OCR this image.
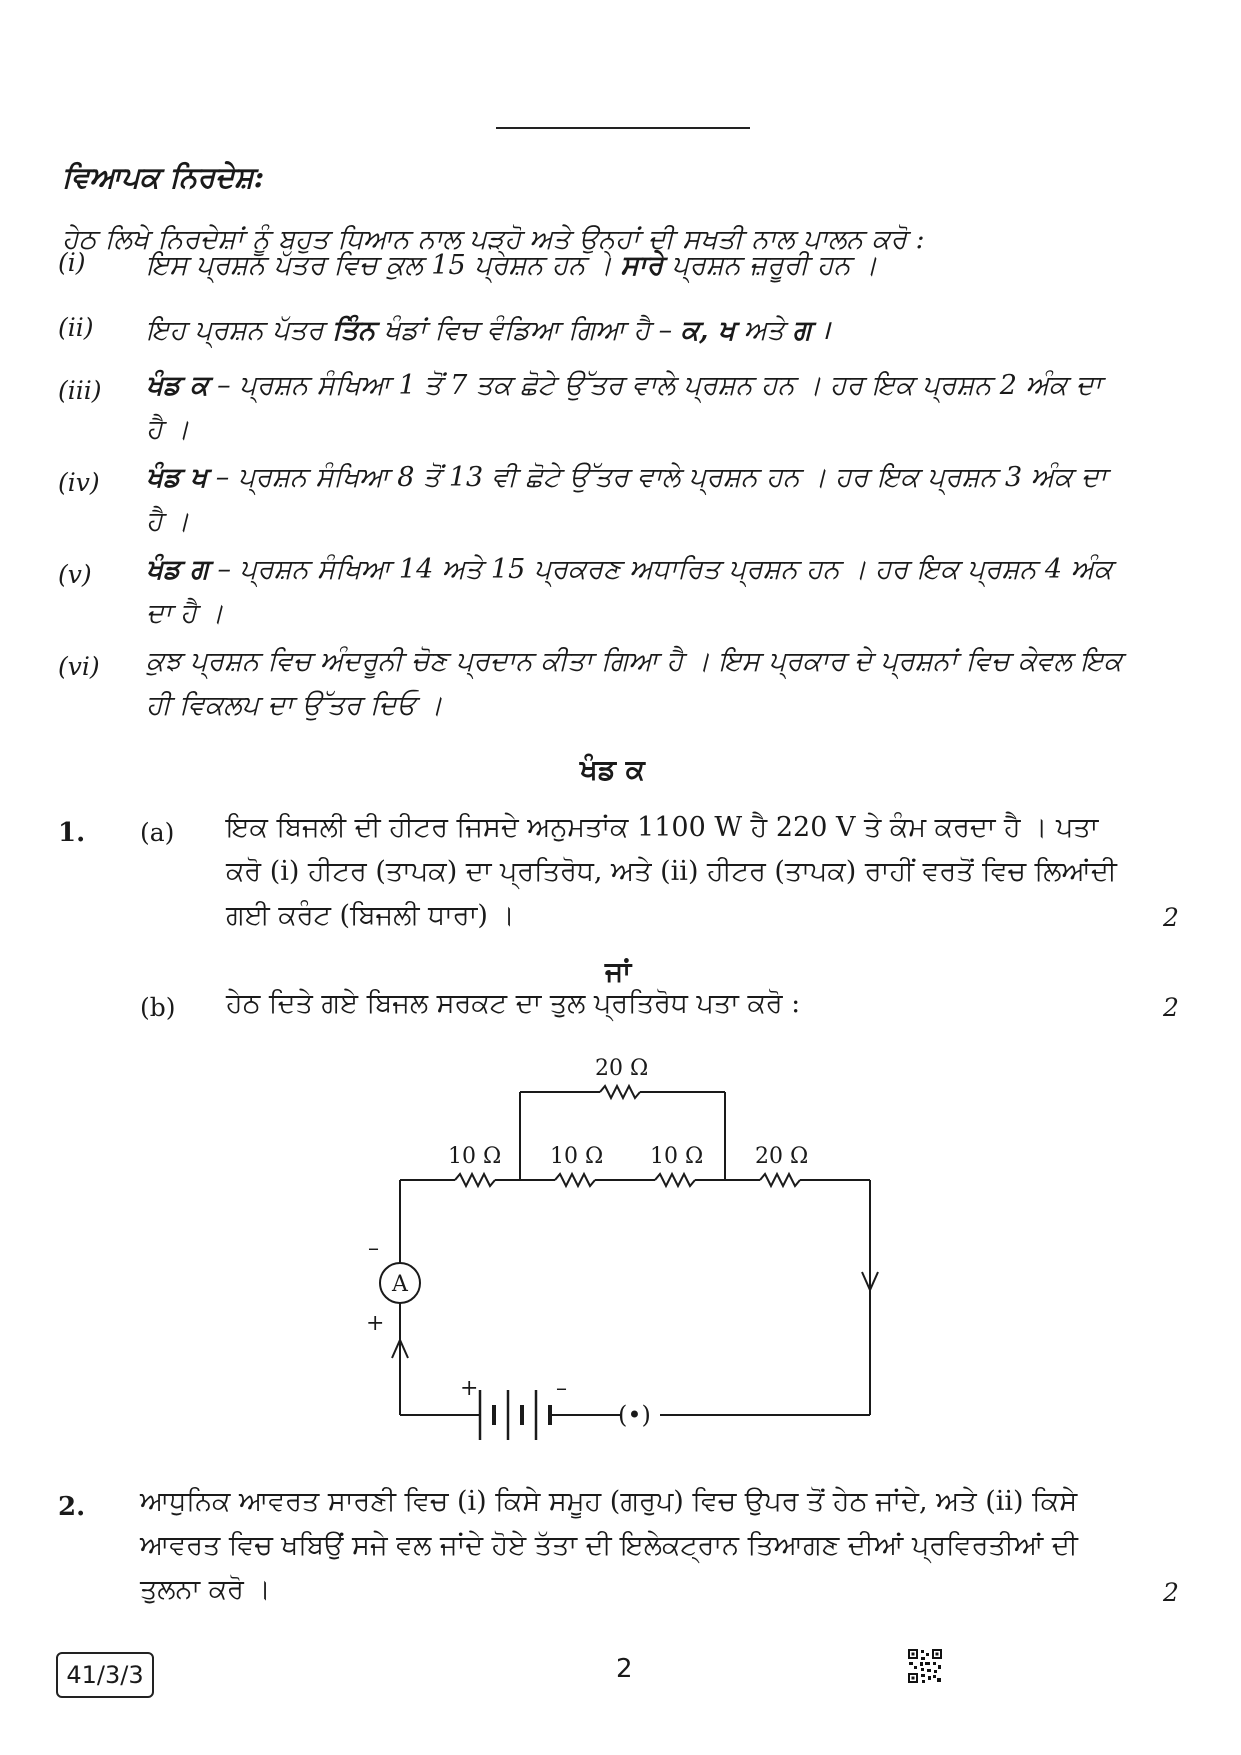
ਵਿਆਪਕ ਨਿਰਦੇਸ਼:
ਹੇਠ ਲਿਖੇ ਨਿਰਦੇਸ਼ਾਂ ਨੂੰ ਬਹੁਤ ਧਿਆਨ ਨਾਲ ਪੜ੍ਹੋ ਅਤੇ ਉਨ੍ਹਾਂ ਦੀ ਸਖਤੀ ਨਾਲ ਪਾਲਨ ਕਰੋ :
(i) ਇਸ ਪ੍ਰਸ਼ਨ ਪੱਤਰ ਵਿਚ ਕੁਲ 15 ਪ੍ਰਸ਼ਨ ਹਨ । ਸਾਰੇ ਪ੍ਰਸ਼ਨ ਜ਼ਰੂਰੀ ਹਨ ।
(ii) ਇਹ ਪ੍ਰਸ਼ਨ ਪੱਤਰ ਤਿੰਨ ਖੰਡਾਂ ਵਿਚ ਵੰਡਿਆ ਗਿਆ ਹੈ – ਕ, ਖ ਅਤੇ ਗ ।
(iii) ਖੰਡ ਕ – ਪ੍ਰਸ਼ਨ ਸੰਖਿਆ 1 ਤੋਂ 7 ਤਕ ਛੋਟੇ ਉੱਤਰ ਵਾਲੇ ਪ੍ਰਸ਼ਨ ਹਨ । ਹਰ ਇਕ ਪ੍ਰਸ਼ਨ 2 ਅੰਕ ਦਾ ਹੈ ।
(iv) ਖੰਡ ਖ – ਪ੍ਰਸ਼ਨ ਸੰਖਿਆ 8 ਤੋਂ 13 ਵੀ ਛੋਟੇ ਉੱਤਰ ਵਾਲੇ ਪ੍ਰਸ਼ਨ ਹਨ । ਹਰ ਇਕ ਪ੍ਰਸ਼ਨ 3 ਅੰਕ ਦਾ ਹੈ ।
(v) ਖੰਡ ਗ – ਪ੍ਰਸ਼ਨ ਸੰਖਿਆ 14 ਅਤੇ 15 ਪ੍ਰਕਰਣ ਅਧਾਰਿਤ ਪ੍ਰਸ਼ਨ ਹਨ । ਹਰ ਇਕ ਪ੍ਰਸ਼ਨ 4 ਅੰਕ ਦਾ ਹੈ ।
(vi) ਕੁਝ ਪ੍ਰਸ਼ਨ ਵਿਚ ਅੰਦਰੂਨੀ ਚੋਣ ਪ੍ਰਦਾਨ ਕੀਤਾ ਗਿਆ ਹੈ । ਇਸ ਪ੍ਰਕਾਰ ਦੇ ਪ੍ਰਸ਼ਨਾਂ ਵਿਚ ਕੇਵਲ ਇਕ ਹੀ ਵਿਕਲਪ ਦਾ ਉੱਤਰ ਦਿਓ ।
ਖੰਡ ਕ
1. (a) ਇਕ ਬਿਜਲੀ ਦੀ ਹੀਟਰ ਜਿਸਦੇ ਅਨੁਮਤਾਂਕ 1100 W ਹੈ 220 V ਤੇ ਕੰਮ ਕਰਦਾ ਹੈ । ਪਤਾ ਕਰੋ (i) ਹੀਟਰ (ਤਾਪਕ) ਦਾ ਪ੍ਰਤਿਰੋਧ, ਅਤੇ (ii) ਹੀਟਰ (ਤਾਪਕ) ਰਾਹੀਂ ਵਰਤੋਂ ਵਿਚ ਲਿਆਂਦੀ ਗਈ ਕਰੰਟ (ਬਿਜਲੀ ਧਾਰਾ) ।	2
ਜਾਂ
(b) ਹੇਠ ਦਿਤੇ ਗਏ ਬਿਜਲ ਸਰਕਟ ਦਾ ਤੁਲ ਪ੍ਰਤਿਰੋਧ ਪਤਾ ਕਰੋ :	2
20 Ω
10 Ω 10 Ω 10 Ω 20 Ω
A
–
+
+	–
(•)
2. ਆਧੁਨਿਕ ਆਵਰਤ ਸਾਰਣੀ ਵਿਚ (i) ਕਿਸੇ ਸਮੂਹ (ਗਰੁਪ) ਵਿਚ ਉਪਰ ਤੋਂ ਹੇਠ ਜਾਂਦੇ, ਅਤੇ (ii) ਕਿਸੇ ਆਵਰਤ ਵਿਚ ਖਬਿਉਂ ਸਜੇ ਵਲ ਜਾਂਦੇ ਹੋਏ ਤੱਤਾ ਦੀ ਇਲੇਕਟ੍ਰਾਨ ਤਿਆਗਣ ਦੀਆਂ ਪ੍ਰਵਿਰਤੀਆਂ ਦੀ ਤੁਲਨਾ ਕਰੋ ।	2
41/3/3	2
